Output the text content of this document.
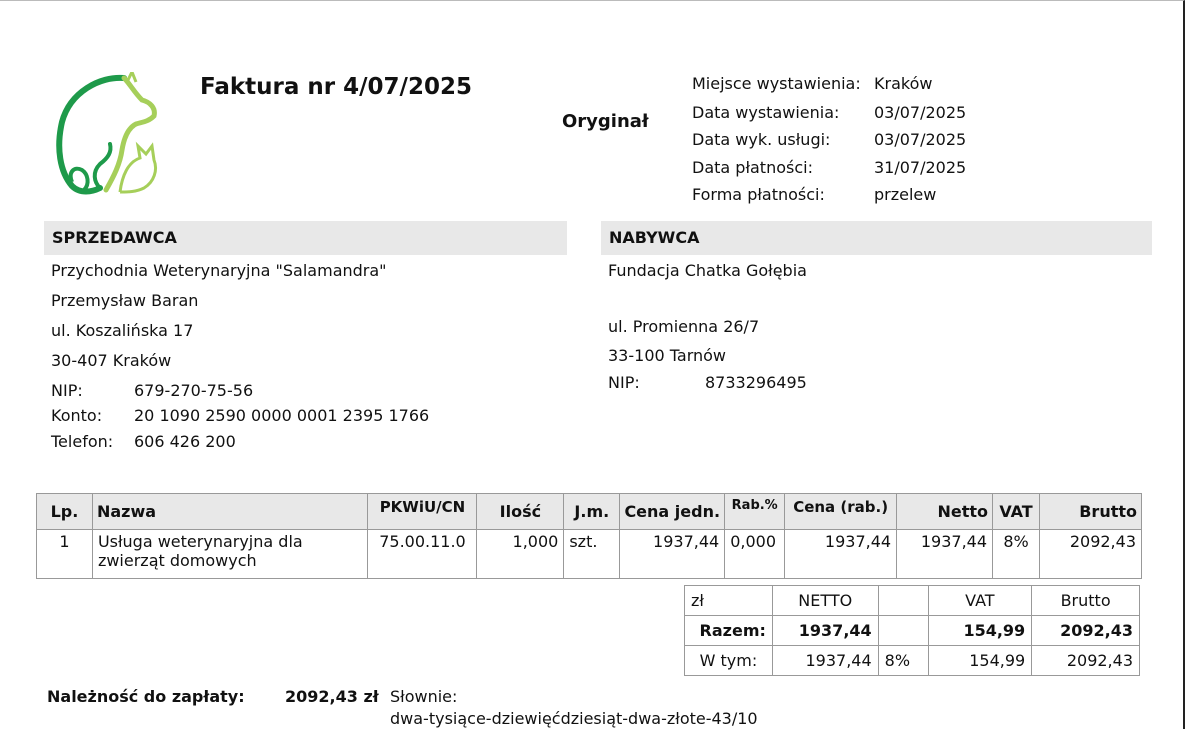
Faktura nr 4/07/2025
Oryginał
Miejsce wystawienia: Kraków
Data wystawienia:	03/07/2025
Data wyk. usługi:	03/07/2025
Data płatności:	31/07/2025
Forma płatności:	przelew
SPRZEDAWCA
Przychodnia Weterynaryjna "Salamandra"
Przemysław Baran
ul. Koszalińska 17
30-407 Kraków
NIP:	679-270-75-56
Konto: 20 1090 2590 0000 0001 2395 1766
Telefon: 606 426 200
NABYWCA
Fundacja Chatka Gołębia
ul. Promienna 26/7
33-100 Tarnów
NIP:	8733296495
Lp.	Nazwa	PKWiU/CN	Ilość	J.m.	Cena jedn.	Rab.%	Cena (rab.)	Netto	VAT	Brutto
1	Usługa weterynaryjna dla zwierząt domowych	75.00.11.0	1,000	szt.	1937,44	0,000	1937,44	1937,44	8%	2092,43
zł	NETTO		VAT	Brutto
Razem:	1937,44		154,99	2092,43
W tym:	1937,44	8%	154,99	2092,43
Należność do zapłaty:	2092,43 zł Słownie:
dwa-tysiące-dziewięćdziesiąt-dwa-złote-43/10
